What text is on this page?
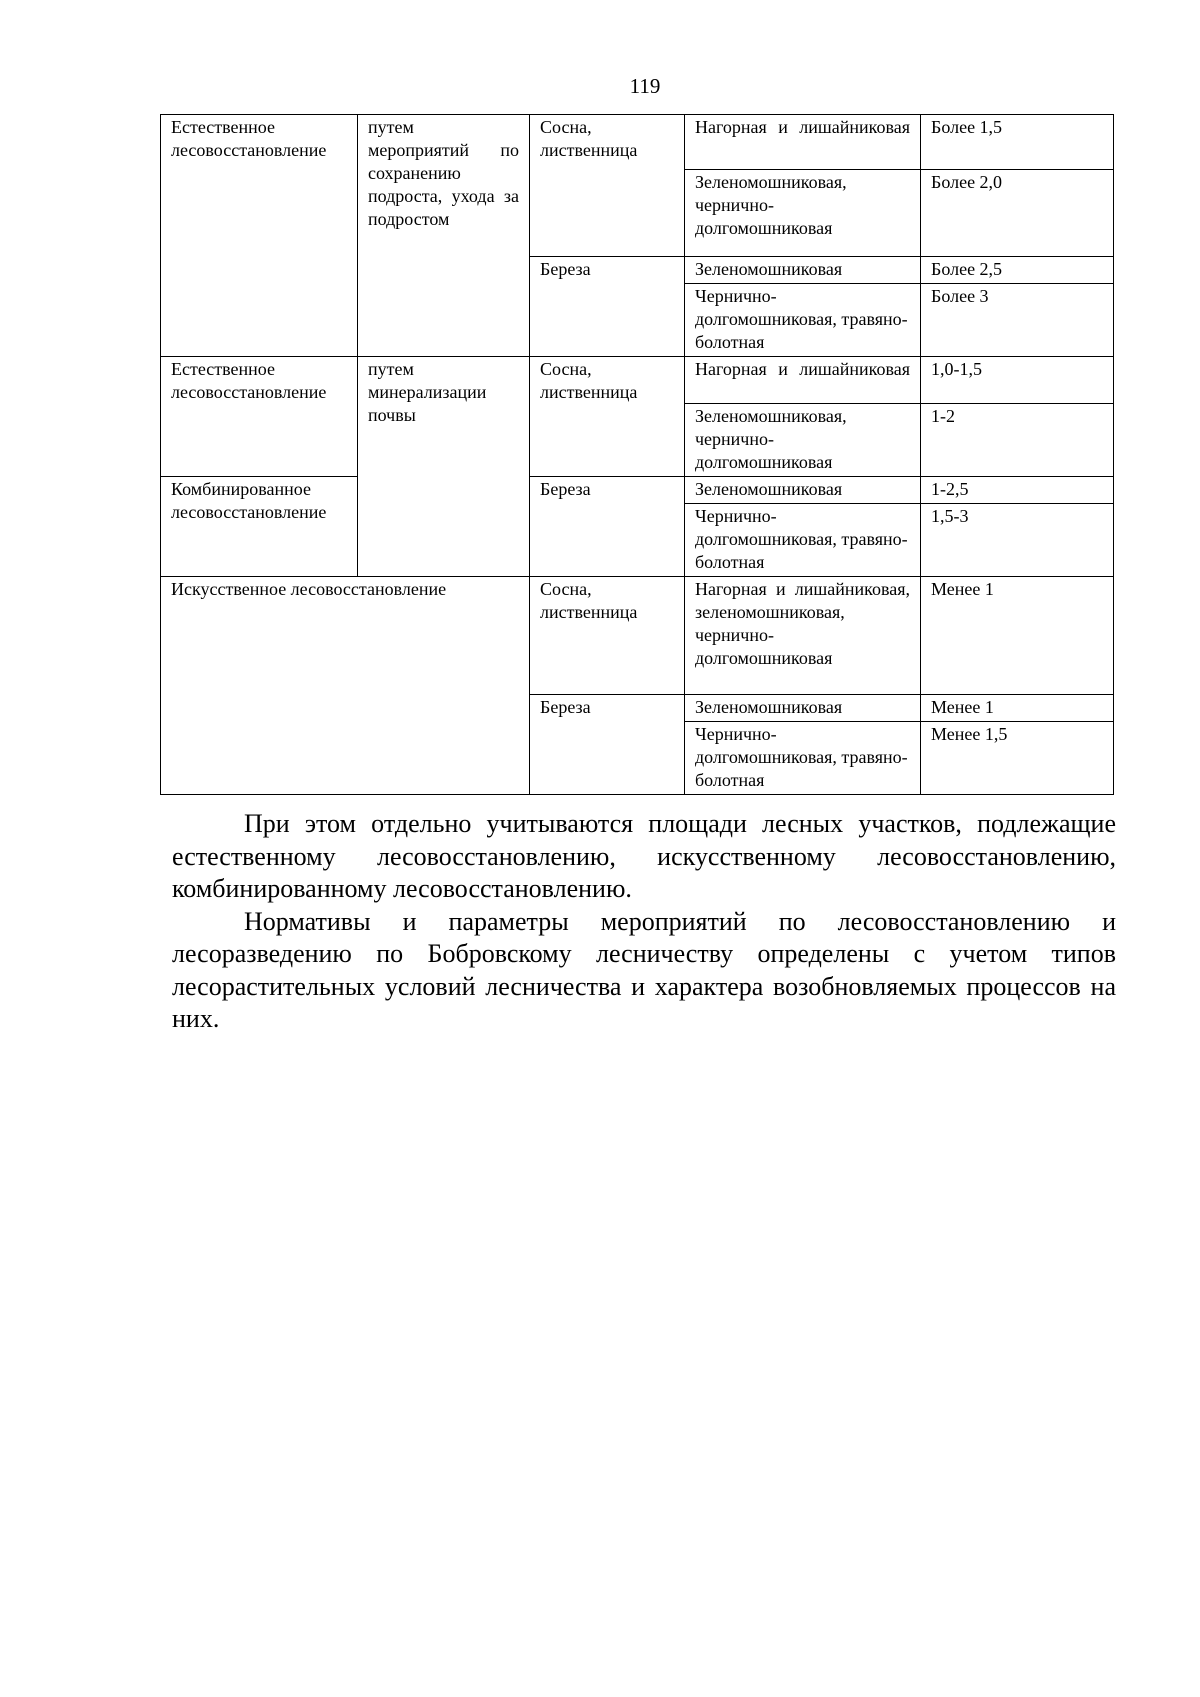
119
Естественное лесовосстановление	путем мероприятий по сохранению подроста, ухода за подростом	Сосна, лиственница	Нагорная и лишайниковая	Более 1,5
			Зеленомошниковая, чернично-долгомошниковая	Более 2,0
		Береза	Зеленомошниковая	Более 2,5
			Чернично-долгомошниковая, травяно-болотная	Более 3
Естественное лесовосстановление	путем минерализации почвы	Сосна, лиственница	Нагорная и лишайниковая	1,0-1,5
			Зеленомошниковая, чернично-долгомошниковая	1-2
Комбинированное лесовосстановление		Береза	Зеленомошниковая	1-2,5
			Чернично-долгомошниковая, травяно-болотная	1,5-3
Искусственное лесовосстановление		Сосна, лиственница	Нагорная и лишайниковая, зеленомошниковая, чернично-долгомошниковая	Менее 1
		Береза	Зеленомошниковая	Менее 1
			Чернично-долгомошниковая, травяно-болотная	Менее 1,5

При этом отдельно учитываются площади лесных участков, подлежащие естественному лесовосстановлению, искусственному лесовосстановлению, комбинированному лесовосстановлению.

Нормативы и параметры мероприятий по лесовосстановлению и лесоразведению по Бобровскому лесничеству определены с учетом типов лесорастительных условий лесничества и характера возобновляемых процессов на них.
